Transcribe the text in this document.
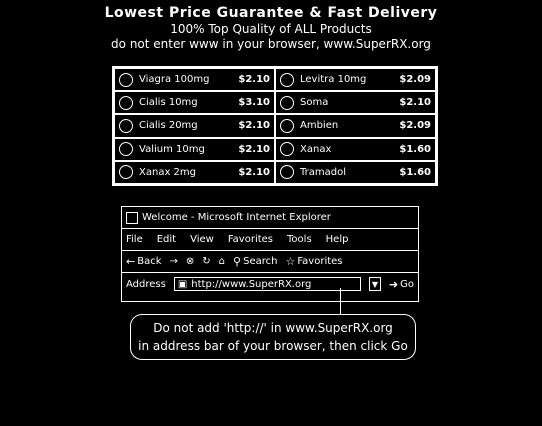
Lowest Price Guarantee & Fast Delivery
100% Top Quality of ALL Products
do not enter www in your browser, www.SuperRX.org
Viagra 100mg	$2.10	Levitra 10mg	$2.09
Cialis 10mg	$3.10	Soma	$2.10
Cialis 20mg	$2.10	Ambien	$2.09
Valium 10mg	$2.10	Xanax	$1.60
Xanax 2mg	$2.10	Tramadol	$1.60
Welcome - Microsoft Internet Explorer
File Edit View Favorites Tools Help
← Back → ⊗ ↻ ⌂ ⚲ Search ☆ Favorites
Address ▣ http://www.SuperRX.org	▼ ➜ Go
Do not add 'http://' in www.SuperRX.org
in address bar of your browser, then click Go
